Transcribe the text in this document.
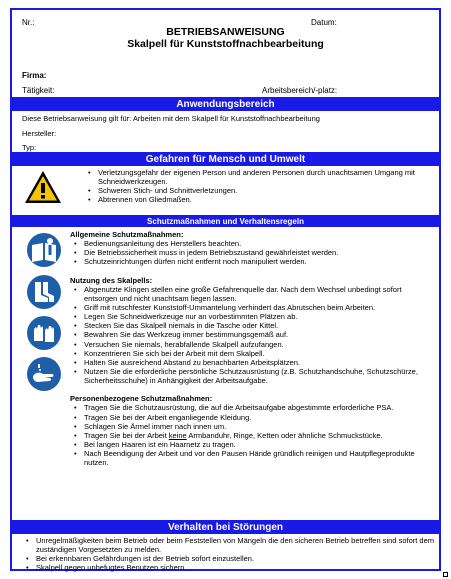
Nr.:	Datum:
BETRIEBSANWEISUNG
Skalpell für Kunststoffnachbearbeitung
Firma:
Tätigkeit:	Arbeitsbereich/-platz:
Anwendungsbereich
Diese Betriebsanweisung gilt für: Arbeiten mit dem Skalpell für Kunststoffnachbearbeitung
Hersteller:
Typ:
Gefahren für Mensch und Umwelt
• Verletzungsgefahr der eigenen Person und anderen Personen durch unachtsamen Umgang mit Schneidwerkzeugen.
• Schweren Stich- und Schnittverletzungen.
• Abtrennen von Gliedmaßen.
Schutzmaßnahmen und Verhaltensregeln
Allgemeine Schutzmaßnahmen:
• Bedienungsanleitung des Herstellers beachten.
• Die Betriebssicherheit muss in jedem Betriebszustand gewährleistet werden.
• Schutzeinrichtungen dürfen nicht entfernt noch manipuliert werden.
Nutzung des Skalpells:
• Abgenutzte Klingen stellen eine große Gefahrenquelle dar. Nach dem Wechsel unbedingt sofort entsorgen und nicht unachtsam liegen lassen.
• Griff mit rutschfester Kunststoff-Ummantelung verhindert das Abrutschen beim Arbeiten.
• Legen Sie Schneidwerkzeuge nur an vorbestimmten Plätzen ab.
• Stecken Sie das Skalpell niemals in die Tasche oder Kittel.
• Bewahren Sie das Werkzeug immer bestimmungsgemäß auf.
• Versuchen Sie niemals, herabfallende Skalpell aufzufangen.
• Konzentrieren Sie sich bei der Arbeit mit dem Skalpell.
• Halten Sie ausreichend Abstand zu benachbarten Arbeitsplätzen.
• Nutzen Sie die erforderliche persönliche Schutzausrüstung (z.B. Schutzhandschuhe, Schutzschürze, Sicherheitsschuhe) in Anhängigkeit der Arbeitsaufgabe.
Personenbezogene Schutzmaßnahmen:
• Tragen Sie die Schutzausrüstung, die auf die Arbeitsaufgabe abgestimmte erforderliche PSA.
• Tragen Sie bei der Arbeit enganliegende Kleidung.
• Schlagen Sie Ärmel immer nach innen um.
• Tragen Sie bei der Arbeit keine Armbanduhr, Ringe, Ketten oder ähnliche Schmuckstücke.
• Bei langen Haaren ist ein Haarnetz zu tragen.
• Nach Beendigung der Arbeit und vor den Pausen Hände gründlich reinigen und Hautpflegeprodukte nutzen.
Verhalten bei Störungen
• Unregelmäßigkeiten beim Betrieb oder beim Feststellen von Mängeln die den sicheren Betrieb betreffen sind sofort dem zuständigen Vorgesetzten zu melden.
• Bei erkennbaren Gefährdungen ist der Betrieb sofort einzustellen.
• Skalpell gegen unbefugtes Benutzen sichern.
